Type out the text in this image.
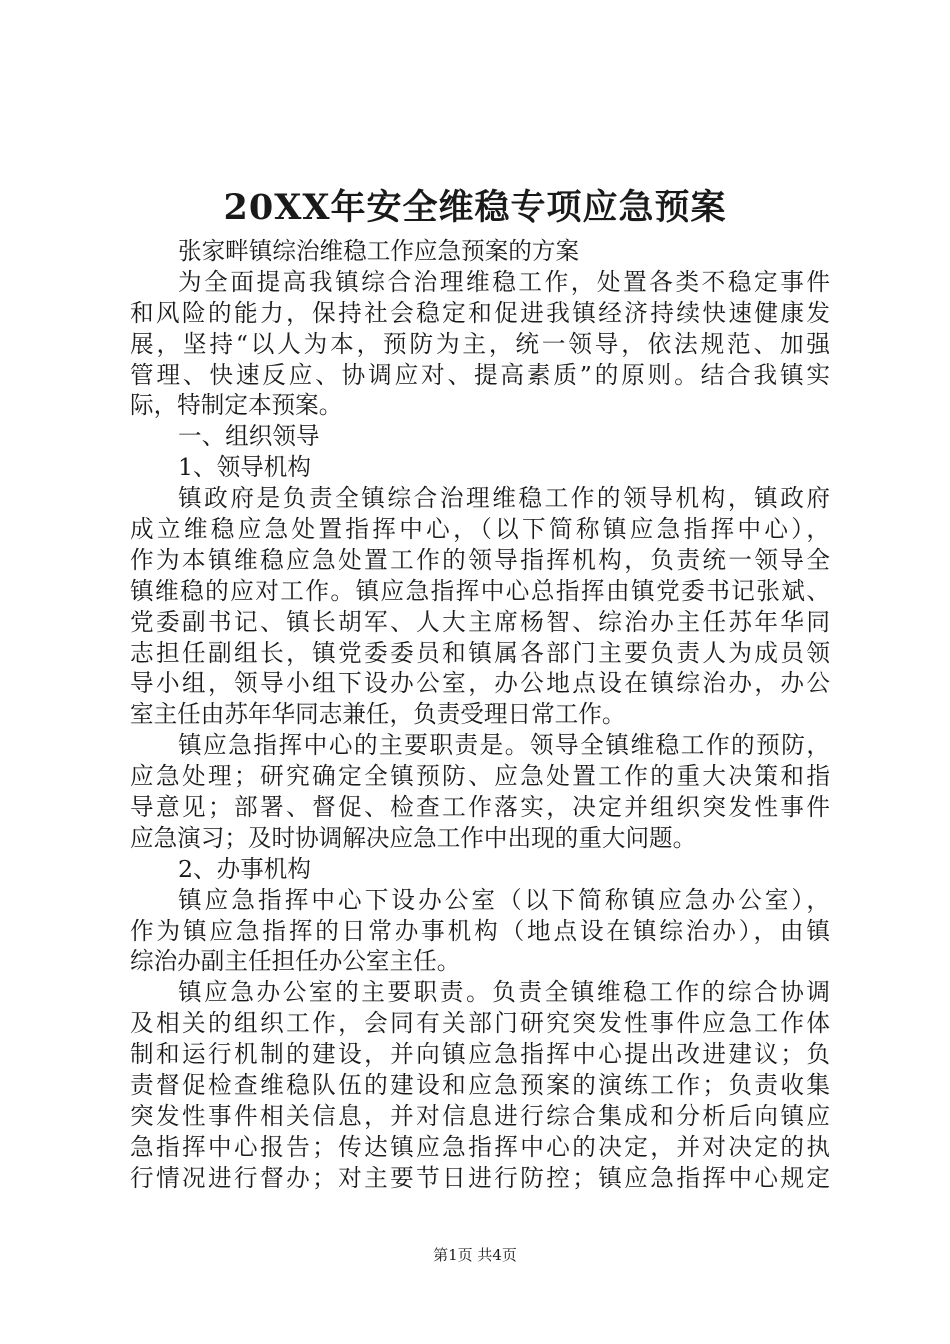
20XX年安全维稳专项应急预案
张家畔镇综治维稳工作应急预案的方案
为全面提高我镇综合治理维稳工作，处置各类不稳定事件
和风险的能力，保持社会稳定和促进我镇经济持续快速健康发
展，坚持“以人为本，预防为主，统一领导，依法规范、加强
管理、快速反应、协调应对、提高素质”的原则。结合我镇实
际，特制定本预案。
一、组织领导
1、领导机构
镇政府是负责全镇综合治理维稳工作的领导机构，镇政府
成立维稳应急处置指挥中心，（以下简称镇应急指挥中心），
作为本镇维稳应急处置工作的领导指挥机构，负责统一领导全
镇维稳的应对工作。镇应急指挥中心总指挥由镇党委书记张斌、
党委副书记、镇长胡军、人大主席杨智、综治办主任苏年华同
志担任副组长，镇党委委员和镇属各部门主要负责人为成员领
导小组，领导小组下设办公室，办公地点设在镇综治办，办公
室主任由苏年华同志兼任，负责受理日常工作。
镇应急指挥中心的主要职责是。领导全镇维稳工作的预防，
应急处理；研究确定全镇预防、应急处置工作的重大决策和指
导意见；部署、督促、检查工作落实，决定并组织突发性事件
应急演习；及时协调解决应急工作中出现的重大问题。
2、办事机构
镇应急指挥中心下设办公室（以下简称镇应急办公室），
作为镇应急指挥的日常办事机构（地点设在镇综治办），由镇
综治办副主任担任办公室主任。
镇应急办公室的主要职责。负责全镇维稳工作的综合协调
及相关的组织工作，会同有关部门研究突发性事件应急工作体
制和运行机制的建设，并向镇应急指挥中心提出改进建议；负
责督促检查维稳队伍的建设和应急预案的演练工作；负责收集
突发性事件相关信息，并对信息进行综合集成和分析后向镇应
急指挥中心报告；传达镇应急指挥中心的决定，并对决定的执
行情况进行督办；对主要节日进行防控；镇应急指挥中心规定
第1页 共4页
